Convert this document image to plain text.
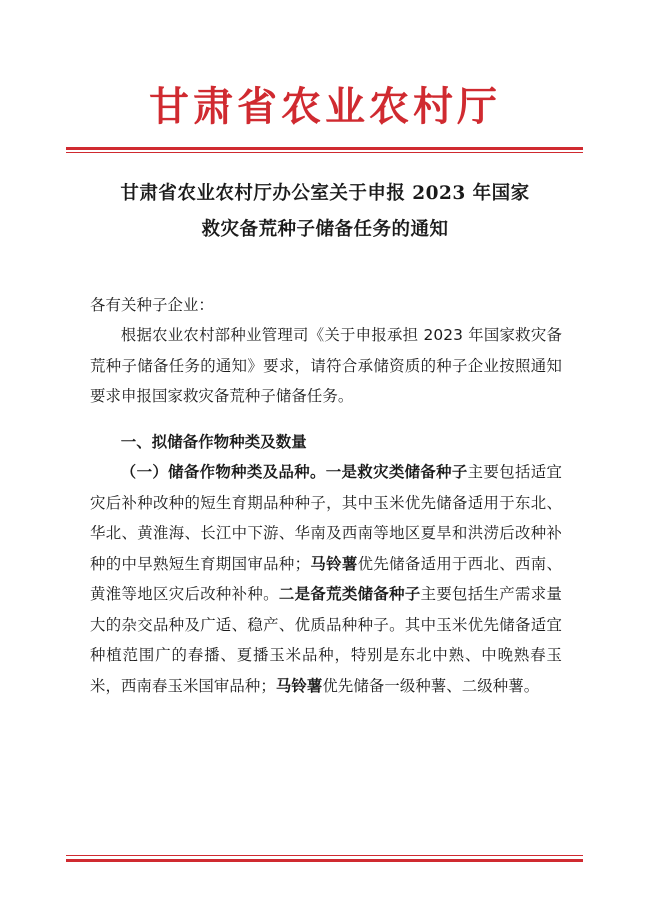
甘肃省农业农村厅
甘肃省农业农村厅办公室关于申报 2023 年国家
救灾备荒种子储备任务的通知

各有关种子企业：

根据农业农村部种业管理司《关于申报承担 2023 年国家救灾备荒种子储备任务的通知》要求，请符合承储资质的种子企业按照通知要求申报国家救灾备荒种子储备任务。

一、拟储备作物种类及数量

（一）储备作物种类及品种。一是救灾类储备种子主要包括适宜灾后补种改种的短生育期品种种子，其中玉米优先储备适用于东北、华北、黄淮海、长江中下游、华南及西南等地区夏旱和洪涝后改种补种的中早熟短生育期国审品种；马铃薯优先储备适用于西北、西南、黄淮等地区灾后改种补种。二是备荒类储备种子主要包括生产需求量大的杂交品种及广适、稳产、优质品种种子。其中玉米优先储备适宜种植范围广的春播、夏播玉米品种，特别是东北中熟、中晚熟春玉米，西南春玉米国审品种；马铃薯优先储备一级种薯、二级种薯。
